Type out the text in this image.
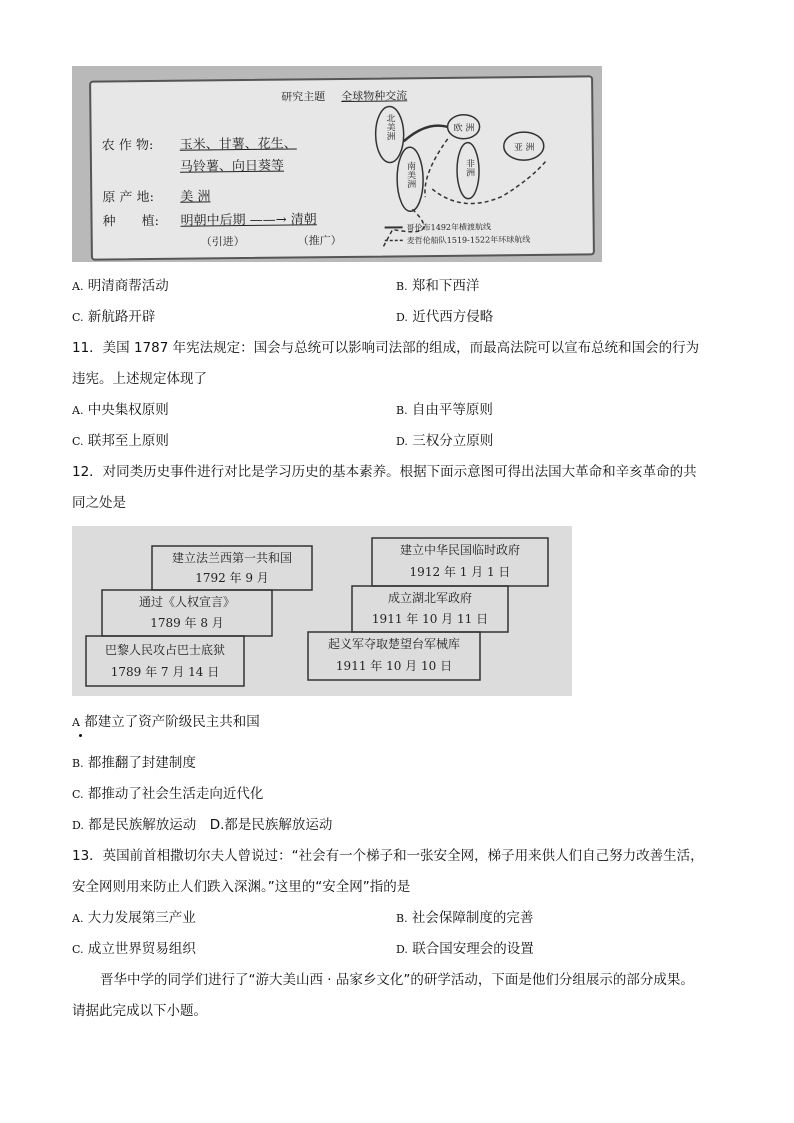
研究主题 全球物种交流
农 作 物: 玉米、甘薯、花生、
马铃薯、向日葵等
原 产 地: 美 洲
种　　植: 明朝中后期 ——→ 清朝
（引进）	（推广）
北美洲
南美洲
欧 洲
非洲
亚 洲
哥伦布1492年横渡航线
麦哲伦船队1519-1522年环球航线
A. 明清商帮活动	B. 郑和下西洋
C. 新航路开辟	D. 近代西方侵略
11．美国 1787 年宪法规定：国会与总统可以影响司法部的组成，而最高法院可以宣布总统和国会的行为
违宪。上述规定体现了
A. 中央集权原则	B. 自由平等原则
C. 联邦至上原则	D. 三权分立原则
12．对同类历史事件进行对比是学习历史的基本素养。根据下面示意图可得出法国大革命和辛亥革命的共
同之处是
建立法兰西第一共和国
1792 年 9 月
通过《人权宣言》
1789 年 8 月
巴黎人民攻占巴士底狱
1789 年 7 月 14 日
建立中华民国临时政府
1912 年 1 月 1 日
成立湖北军政府
1911 年 10 月 11 日
起义军夺取楚望台军械库
1911 年 10 月 10 日
A 都建立了资产阶级民主共和国
B. 都推翻了封建制度
C. 都推动了社会生活走向近代化
D. 都是民族解放运动　D.都是民族解放运动
13．英国前首相撒切尔夫人曾说过：“社会有一个梯子和一张安全网，梯子用来供人们自己努力改善生活，
安全网则用来防止人们跌入深渊。”这里的“安全网”指的是
A. 大力发展第三产业	B. 社会保障制度的完善
C. 成立世界贸易组织	D. 联合国安理会的设置
晋华中学的同学们进行了“游大美山西 · 品家乡文化”的研学活动，下面是他们分组展示的部分成果。
请据此完成以下小题。
